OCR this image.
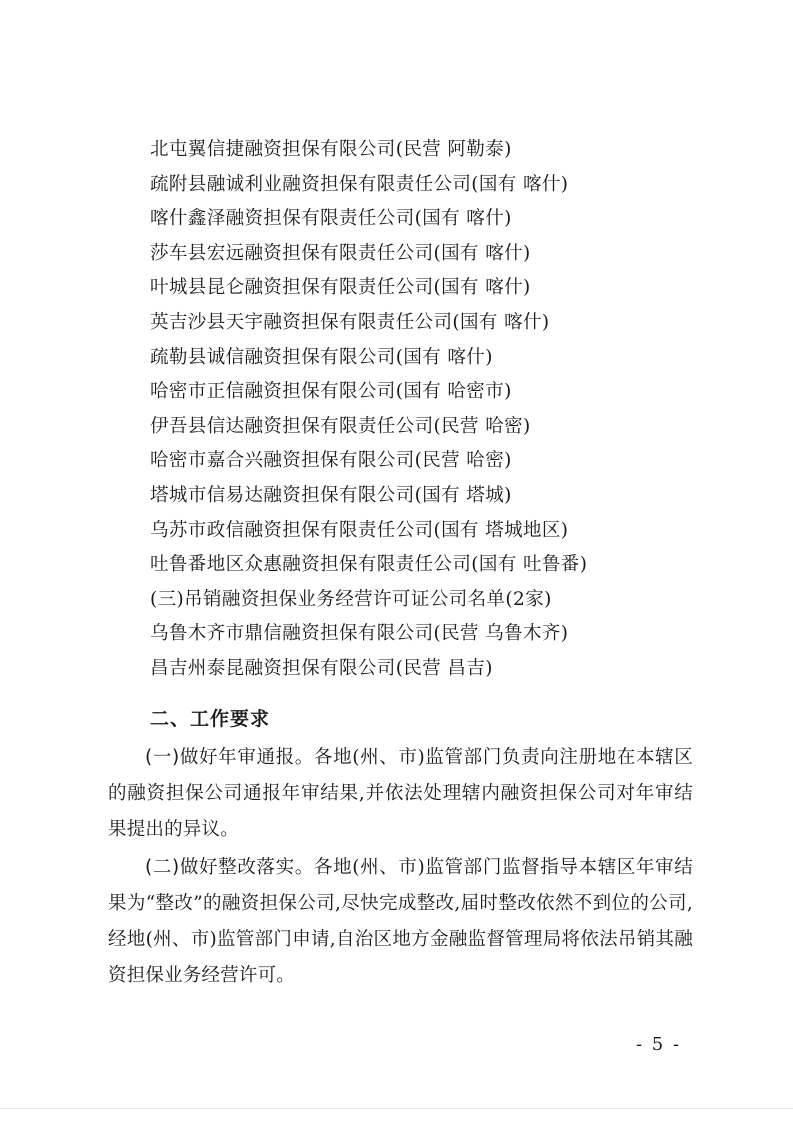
北屯翼信捷融资担保有限公司(民营 阿勒泰)
疏附县融诚利业融资担保有限责任公司(国有 喀什)
喀什鑫泽融资担保有限责任公司(国有 喀什)
莎车县宏远融资担保有限责任公司(国有 喀什)
叶城县昆仑融资担保有限责任公司(国有 喀什)
英吉沙县天宇融资担保有限责任公司(国有 喀什)
疏勒县诚信融资担保有限公司(国有 喀什)
哈密市正信融资担保有限公司(国有 哈密市)
伊吾县信达融资担保有限责任公司(民营 哈密)
哈密市嘉合兴融资担保有限公司(民营 哈密)
塔城市信易达融资担保有限公司(国有 塔城)
乌苏市政信融资担保有限责任公司(国有 塔城地区)
吐鲁番地区众惠融资担保有限责任公司(国有 吐鲁番)
(三)吊销融资担保业务经营许可证公司名单(2家)
乌鲁木齐市鼎信融资担保有限公司(民营 乌鲁木齐)
昌吉州泰昆融资担保有限公司(民营 昌吉)
二、工作要求

(一)做好年审通报。各地(州、市)监管部门负责向注册地在本辖区的融资担保公司通报年审结果,并依法处理辖内融资担保公司对年审结果提出的异议。

(二)做好整改落实。各地(州、市)监管部门监督指导本辖区年审结果为“整改”的融资担保公司,尽快完成整改,届时整改依然不到位的公司,经地(州、市)监管部门申请,自治区地方金融监督管理局将依法吊销其融资担保业务经营许可。

- 5 -
